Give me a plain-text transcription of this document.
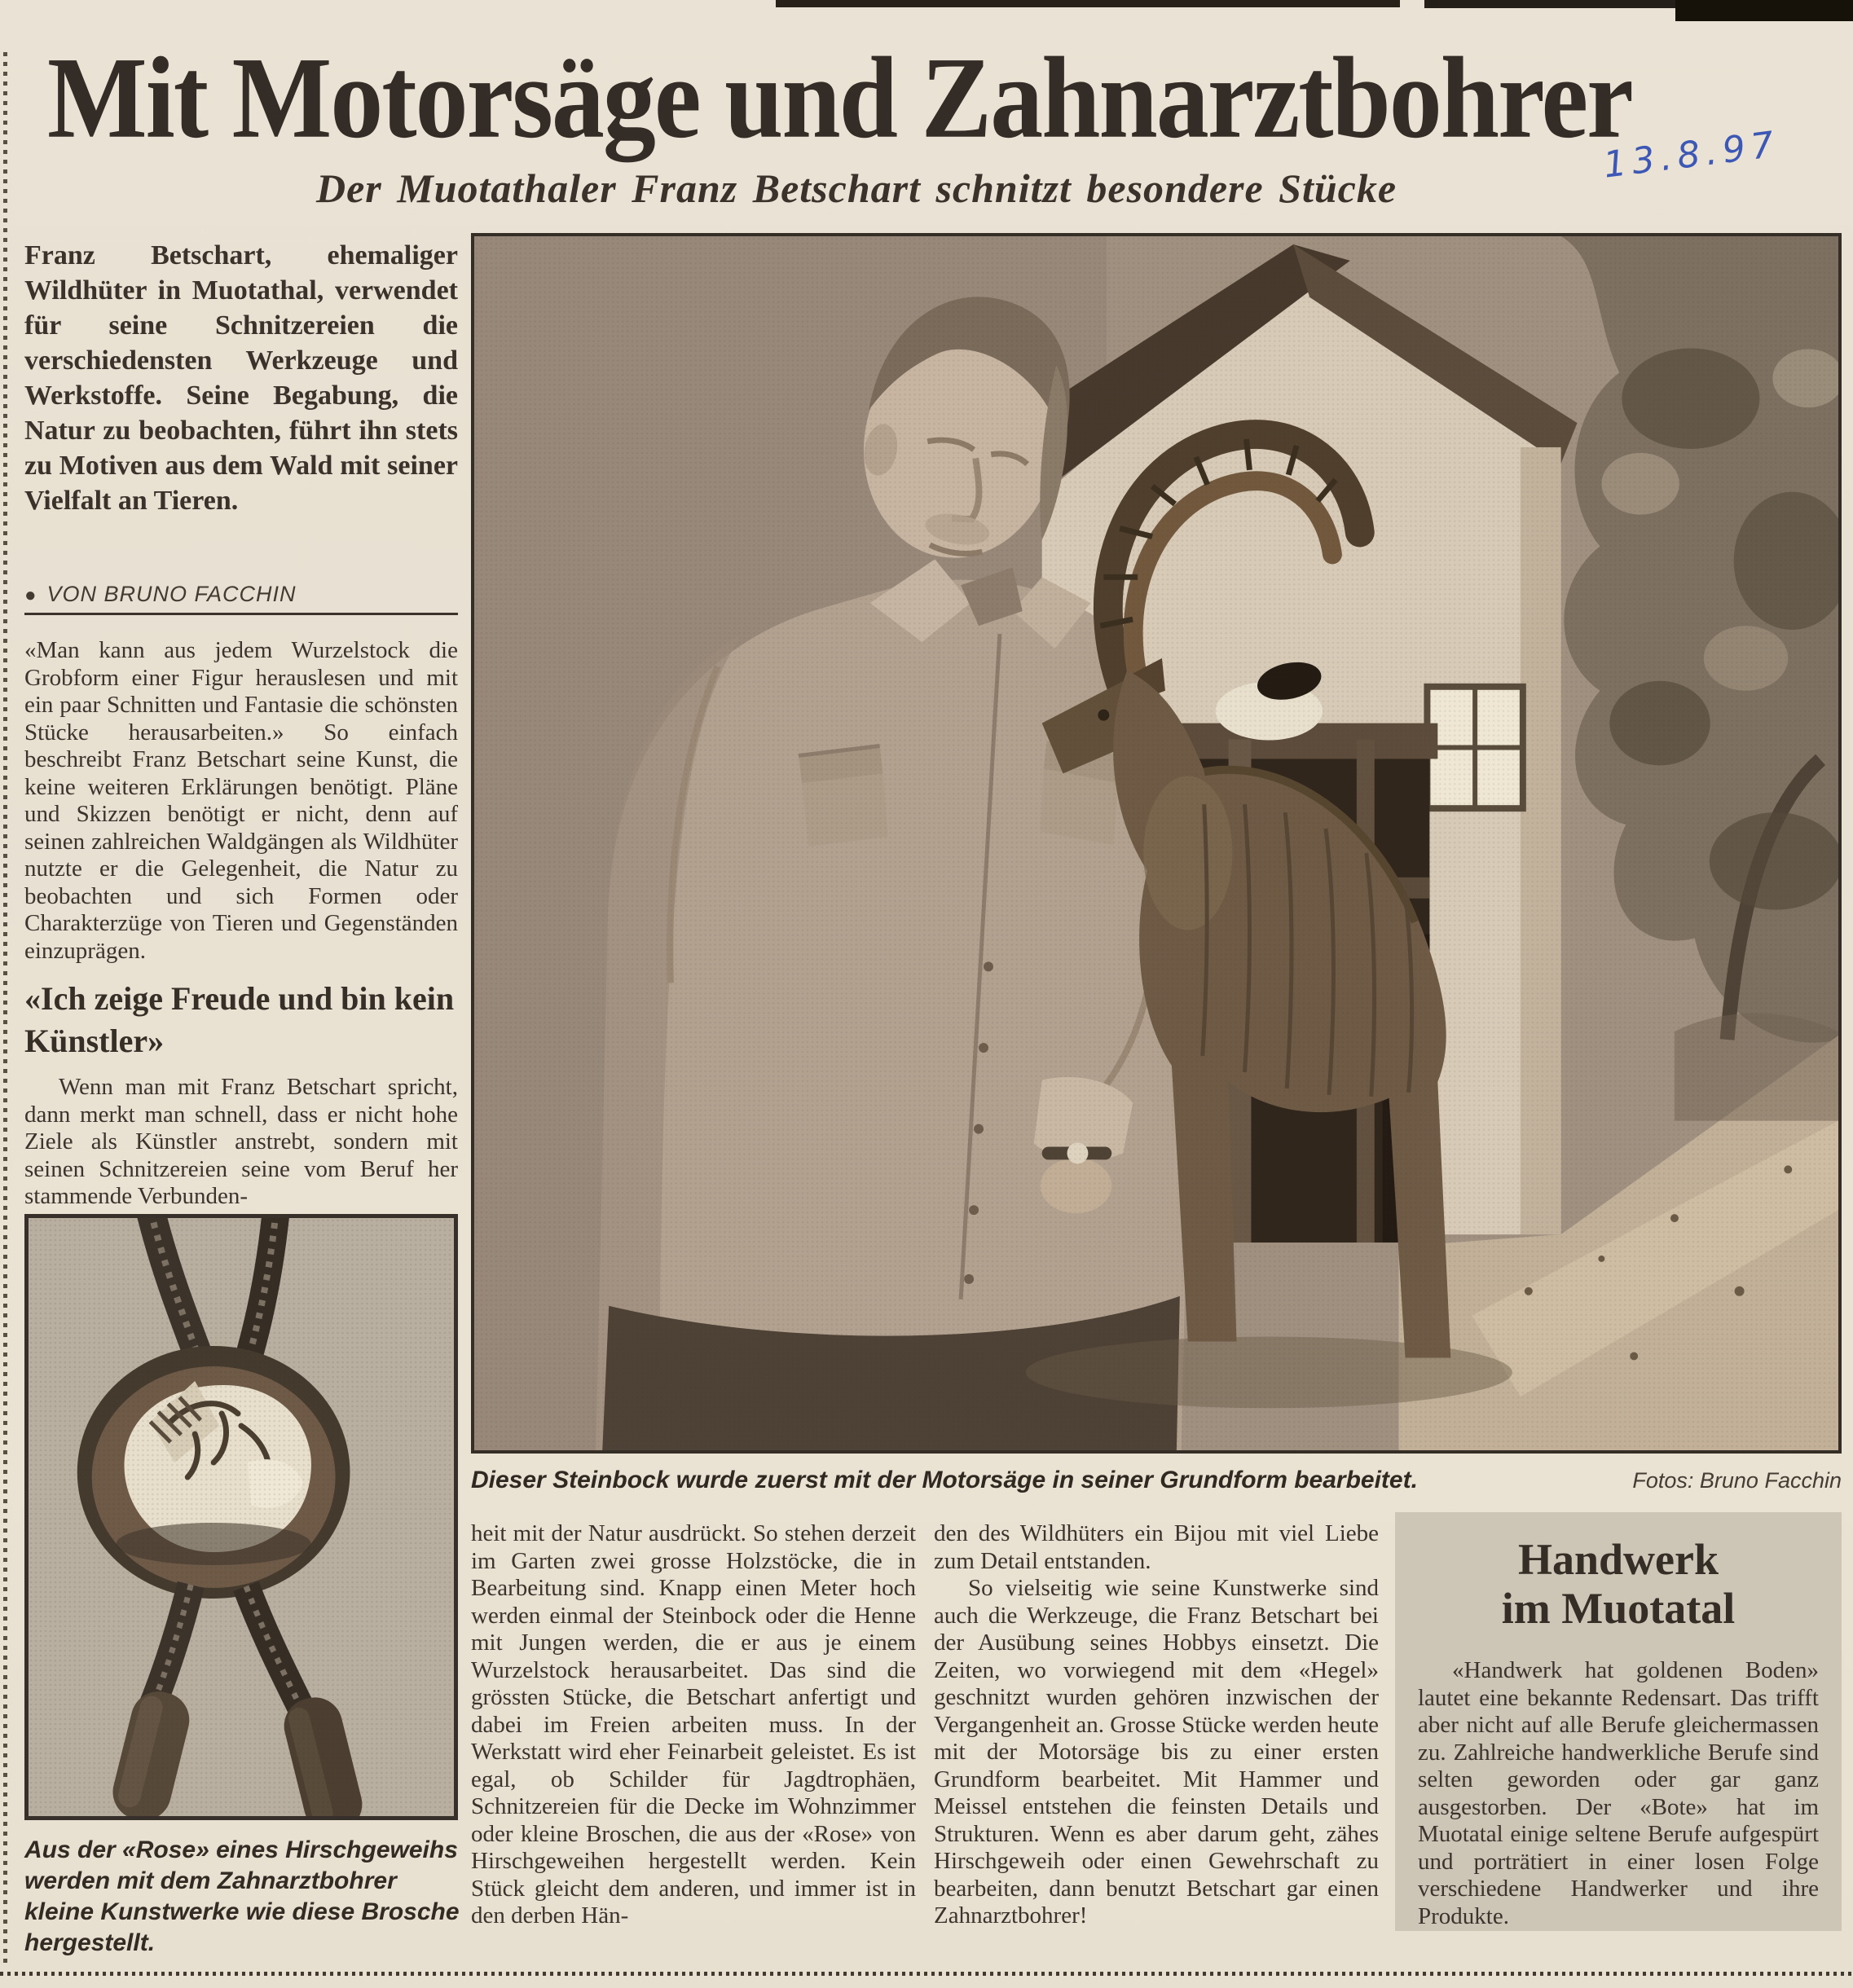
Mit Motorsäge und Zahnarztbohrer
Der Muotathaler Franz Betschart schnitzt besondere Stücke
13.8.97
Franz Betschart, ehemaliger Wildhüter in Muotathal, verwendet für seine Schnitzereien die verschiedensten Werkzeuge und Werkstoffe. Seine Begabung, die Natur zu beobachten, führt ihn stets zu Motiven aus dem Wald mit seiner Vielfalt an Tieren.
● VON BRUNO FACCHIN
«Man kann aus jedem Wurzelstock die Grobform einer Figur herauslesen und mit ein paar Schnitten und Fantasie die schönsten Stücke herausarbeiten.» So einfach beschreibt Franz Betschart seine Kunst, die keine weiteren Erklärungen benötigt. Pläne und Skizzen benötigt er nicht, denn auf seinen zahlreichen Waldgängen als Wildhüter nutzte er die Gelegenheit, die Natur zu beobachten und sich Formen oder Charakterzüge von Tieren und Gegenständen einzuprägen.
«Ich zeige Freude und bin kein Künstler»
Wenn man mit Franz Betschart spricht, dann merkt man schnell, dass er nicht hohe Ziele als Künstler anstrebt, sondern mit seinen Schnitzereien seine vom Beruf her stammende Verbunden-
Aus der «Rose» eines Hirschgeweihs werden mit dem Zahnarztbohrer kleine Kunstwerke wie diese Brosche hergestellt.
Dieser Steinbock wurde zuerst mit der Motorsäge in seiner Grundform bearbeitet.	Fotos: Bruno Facchin
heit mit der Natur ausdrückt. So stehen derzeit im Garten zwei grosse Holzstöcke, die in Bearbeitung sind. Knapp einen Meter hoch werden einmal der Steinbock oder die Henne mit Jungen werden, die er aus je einem Wurzelstock herausarbeitet. Das sind die grössten Stücke, die Betschart anfertigt und dabei im Freien arbeiten muss. In der Werkstatt wird eher Feinarbeit geleistet. Es ist egal, ob Schilder für Jagdtrophäen, Schnitzereien für die Decke im Wohnzimmer oder kleine Broschen, die aus der «Rose» von Hirschgeweihen hergestellt werden. Kein Stück gleicht dem anderen, und immer ist in den derben Hän-

den des Wildhüters ein Bijou mit viel Liebe zum Detail entstanden.

So vielseitig wie seine Kunstwerke sind auch die Werkzeuge, die Franz Betschart bei der Ausübung seines Hobbys einsetzt. Die Zeiten, wo vorwiegend mit dem «Hegel» geschnitzt wurden gehören inzwischen der Vergangenheit an. Grosse Stücke werden heute mit der Motorsäge bis zu einer ersten Grundform bearbeitet. Mit Hammer und Meissel entstehen die feinsten Details und Strukturen. Wenn es aber darum geht, zähes Hirschgeweih oder einen Gewehrschaft zu bearbeiten, dann benutzt Betschart gar einen Zahnarztbohrer!

Handwerk
im Muotatal
«Handwerk hat goldenen Boden» lautet eine bekannte Redensart. Das trifft aber nicht auf alle Berufe gleichermassen zu. Zahlreiche handwerkliche Berufe sind selten geworden oder gar ganz ausgestorben. Der «Bote» hat im Muotatal einige seltene Berufe aufgespürt und porträtiert in einer losen Folge verschiedene Handwerker und ihre Produkte.
